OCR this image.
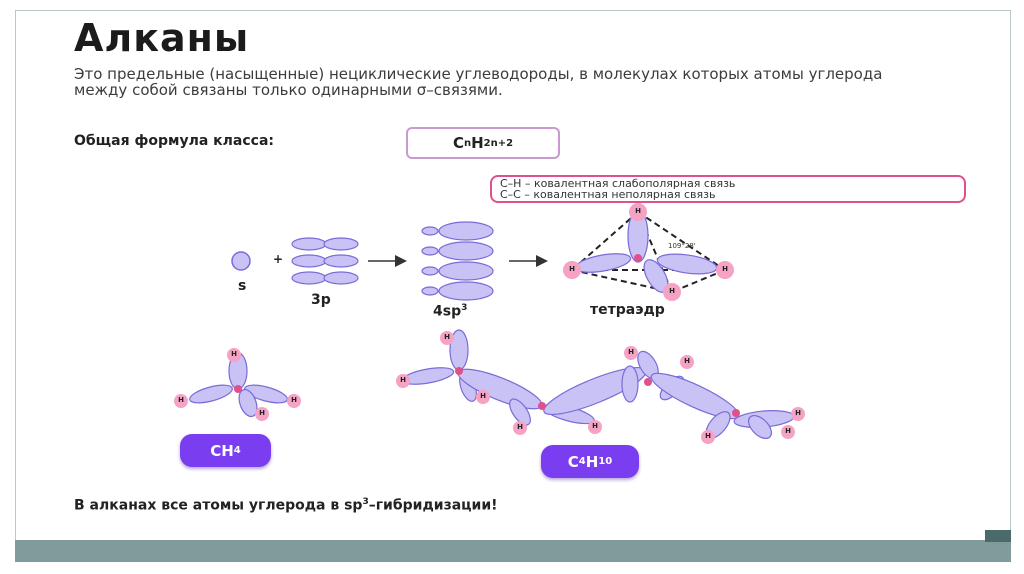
Алканы

Это предельные (насыщенные) нециклические углеводороды, в молекулах которых атомы углерода между собой связаны только одинарными σ–связями.

Общая формула класса:	C n H 2n+2
C–H – ковалентная слабополярная связь
C–C – ковалентная неполярная связь
109°28'
s
+
3p
$4sp^3$	тетраэдр
H
H	H
H
H
H	H
H
H
H
H
H	H
H
H
H
H
H
CH 4
C 4 H 10

В алканах все атомы углерода в $sp^3$–гибридизации!
